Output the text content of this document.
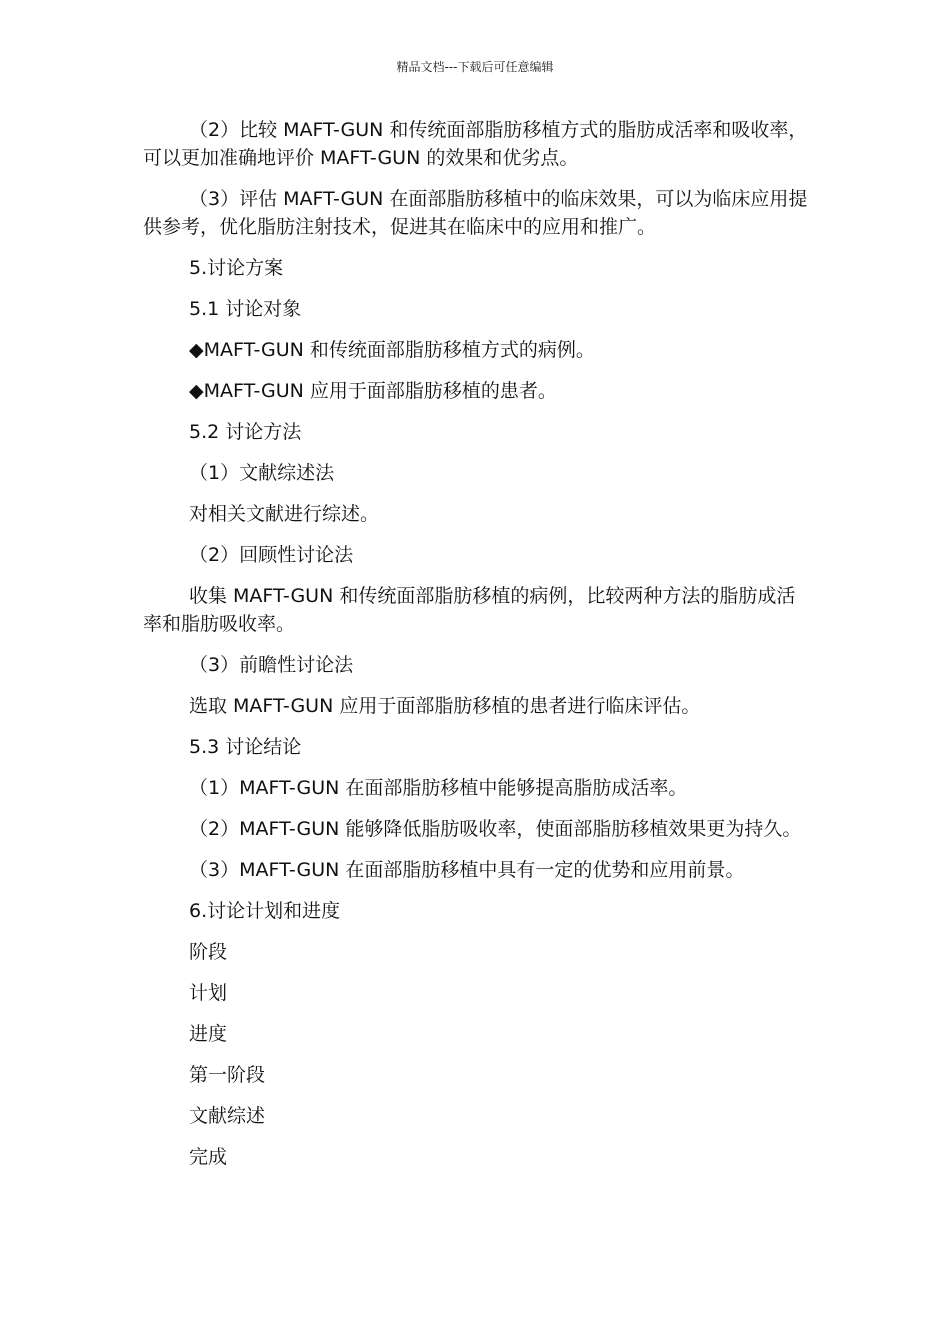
精品文档---下载后可任意编辑

（2）比较 MAFT-GUN 和传统面部脂肪移植方式的脂肪成活率和吸收率，可以更加准确地评价 MAFT-GUN 的效果和优劣点。

（3）评估 MAFT-GUN 在面部脂肪移植中的临床效果，可以为临床应用提供参考，优化脂肪注射技术，促进其在临床中的应用和推广。

5.讨论方案

5.1 讨论对象

◆MAFT-GUN 和传统面部脂肪移植方式的病例。

◆MAFT-GUN 应用于面部脂肪移植的患者。

5.2 讨论方法

（1）文献综述法

对相关文献进行综述。

（2）回顾性讨论法

收集 MAFT-GUN 和传统面部脂肪移植的病例，比较两种方法的脂肪成活率和脂肪吸收率。

（3）前瞻性讨论法

选取 MAFT-GUN 应用于面部脂肪移植的患者进行临床评估。

5.3 讨论结论

（1）MAFT-GUN 在面部脂肪移植中能够提高脂肪成活率。

（2）MAFT-GUN 能够降低脂肪吸收率，使面部脂肪移植效果更为持久。

（3）MAFT-GUN 在面部脂肪移植中具有一定的优势和应用前景。

6.讨论计划和进度

阶段

计划

进度

第一阶段

文献综述

完成
